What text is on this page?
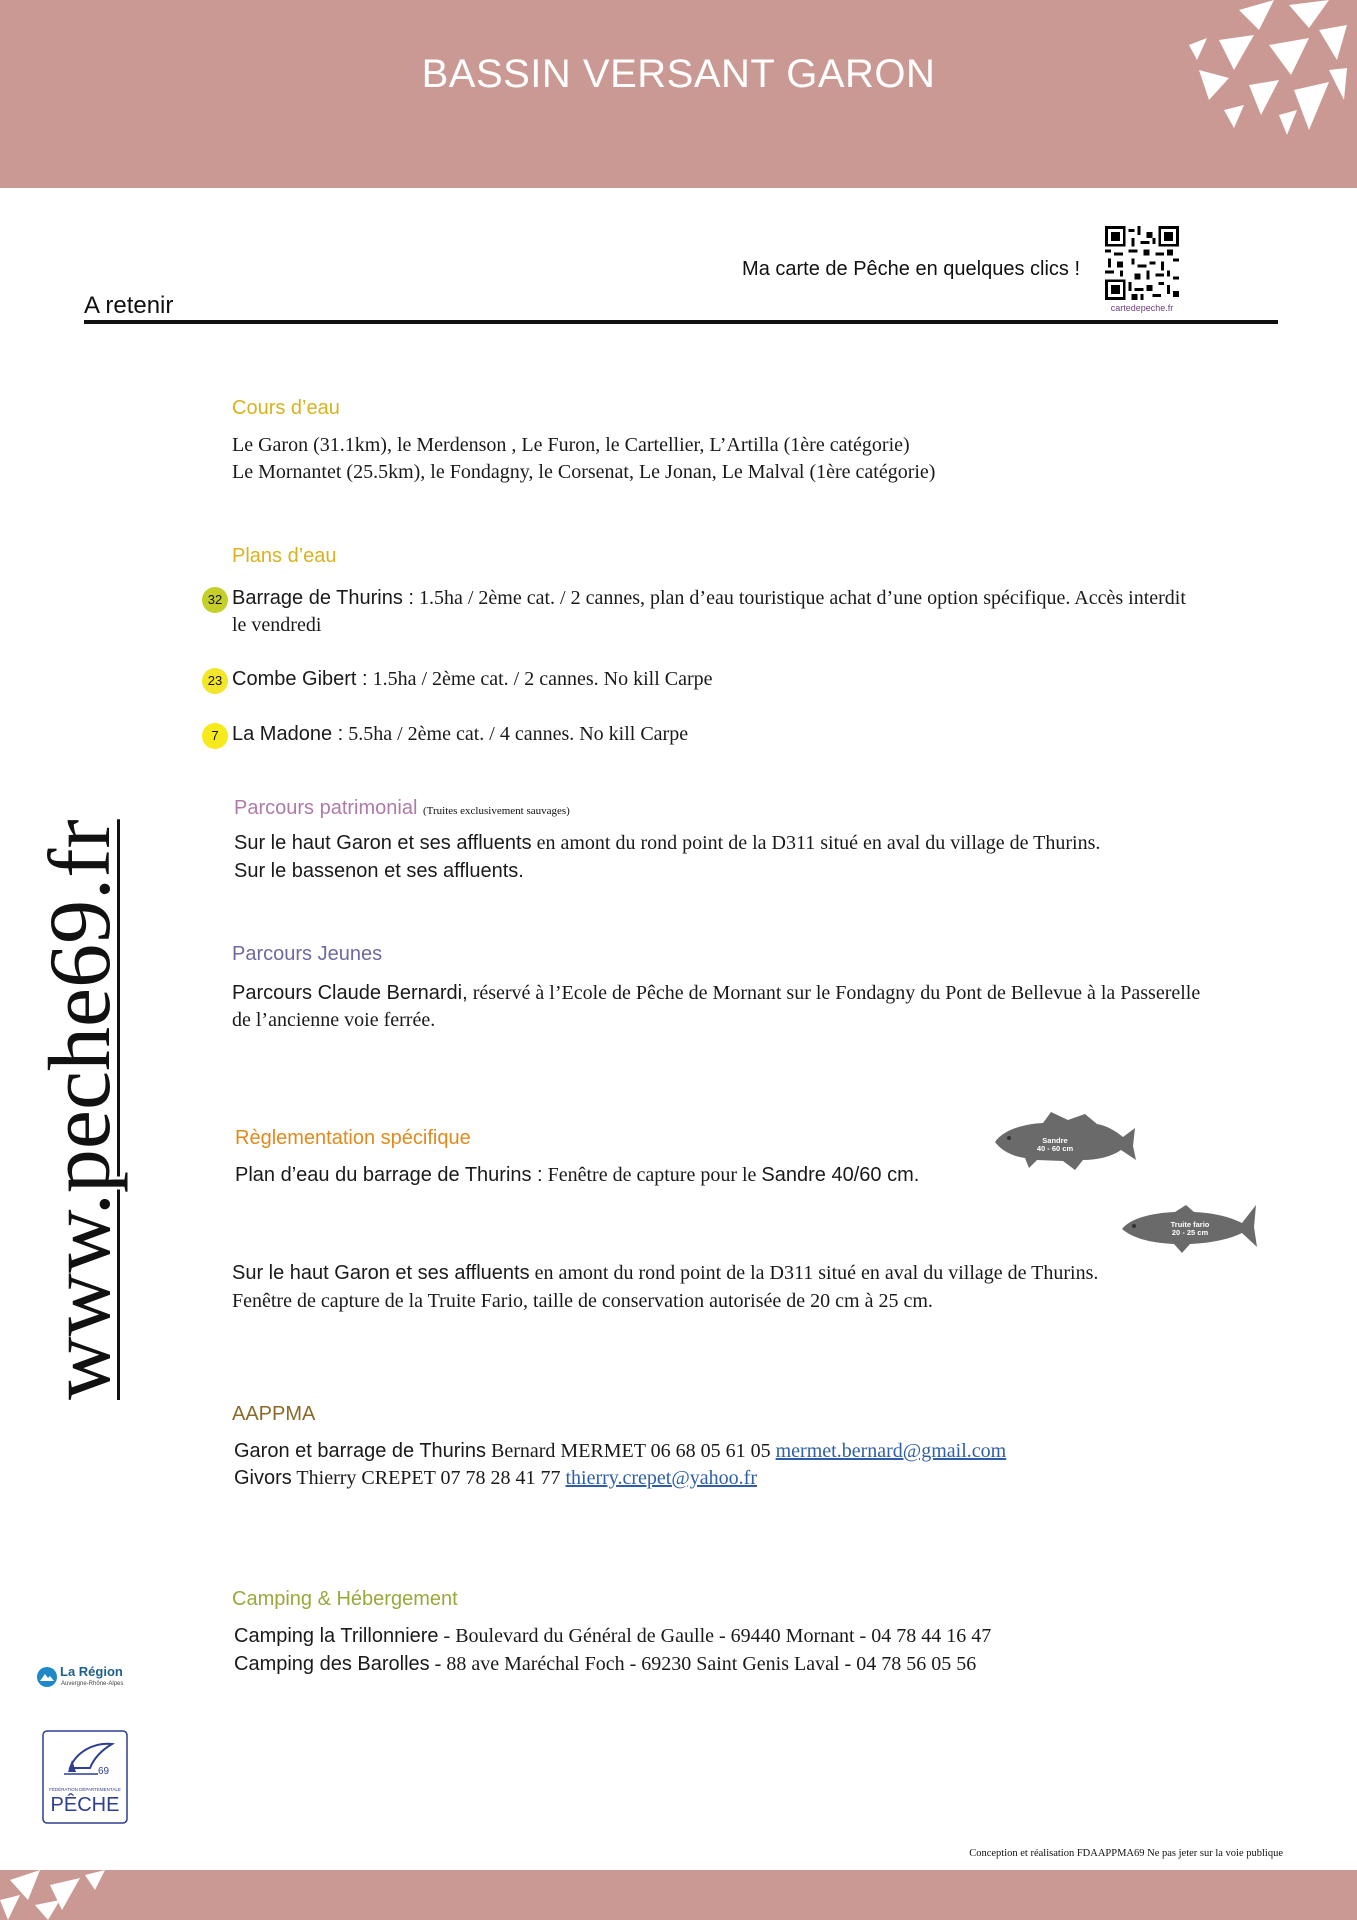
BASSIN VERSANT GARON
Ma carte de Pêche en quelques clics !
cartedepeche.fr
A retenir
www.peche69.fr
Cours d’eau
Le Garon (31.1km), le Merdenson , Le Furon, le Cartellier, L’Artilla (1ère catégorie)
Le Mornantet (25.5km), le Fondagny, le Corsenat, Le Jonan, Le Malval (1ère catégorie)
Plans d’eau
32 Barrage de Thurins : 1.5ha / 2ème cat. / 2 cannes, plan d’eau touristique achat d’une option spécifique. Accès interdit
le vendredi
23 Combe Gibert : 1.5ha / 2ème cat. / 2 cannes. No kill Carpe
7 La Madone : 5.5ha / 2ème cat. / 4 cannes. No kill Carpe
Parcours patrimonial (Truites exclusivement sauvages)
Sur le haut Garon et ses affluents en amont du rond point de la D311 situé en aval du village de Thurins.
Sur le bassenon et ses affluents.
Parcours Jeunes
Parcours Claude Bernardi, réservé à l’Ecole de Pêche de Mornant sur le Fondagny du Pont de Bellevue à la Passerelle
de l’ancienne voie ferrée.
Règlementation spécifique
Plan d’eau du barrage de Thurins : Fenêtre de capture pour le Sandre 40/60 cm.
Sandre
40 - 60 cm
Truite fario
20 - 25 cm
Sur le haut Garon et ses affluents en amont du rond point de la D311 situé en aval du village de Thurins.
Fenêtre de capture de la Truite Fario, taille de conservation autorisée de 20 cm à 25 cm.
AAPPMA
Garon et barrage de Thurins Bernard MERMET 06 68 05 61 05 mermet.bernard@gmail.com
Givors Thierry CREPET 07 78 28 41 77 thierry.crepet@yahoo.fr
Camping & Hébergement
Camping la Trillonniere - Boulevard du Général de Gaulle - 69440 Mornant - 04 78 44 16 47
Camping des Barolles - 88 ave Maréchal Foch - 69230 Saint Genis Laval - 04 78 56 05 56
La Région
Auvergne-Rhône-Alpes
69
FÉDÉRATION DÉPARTEMENTALE
PÊCHE
Conception et réalisation FDAAPPMA69 Ne pas jeter sur la voie publique
